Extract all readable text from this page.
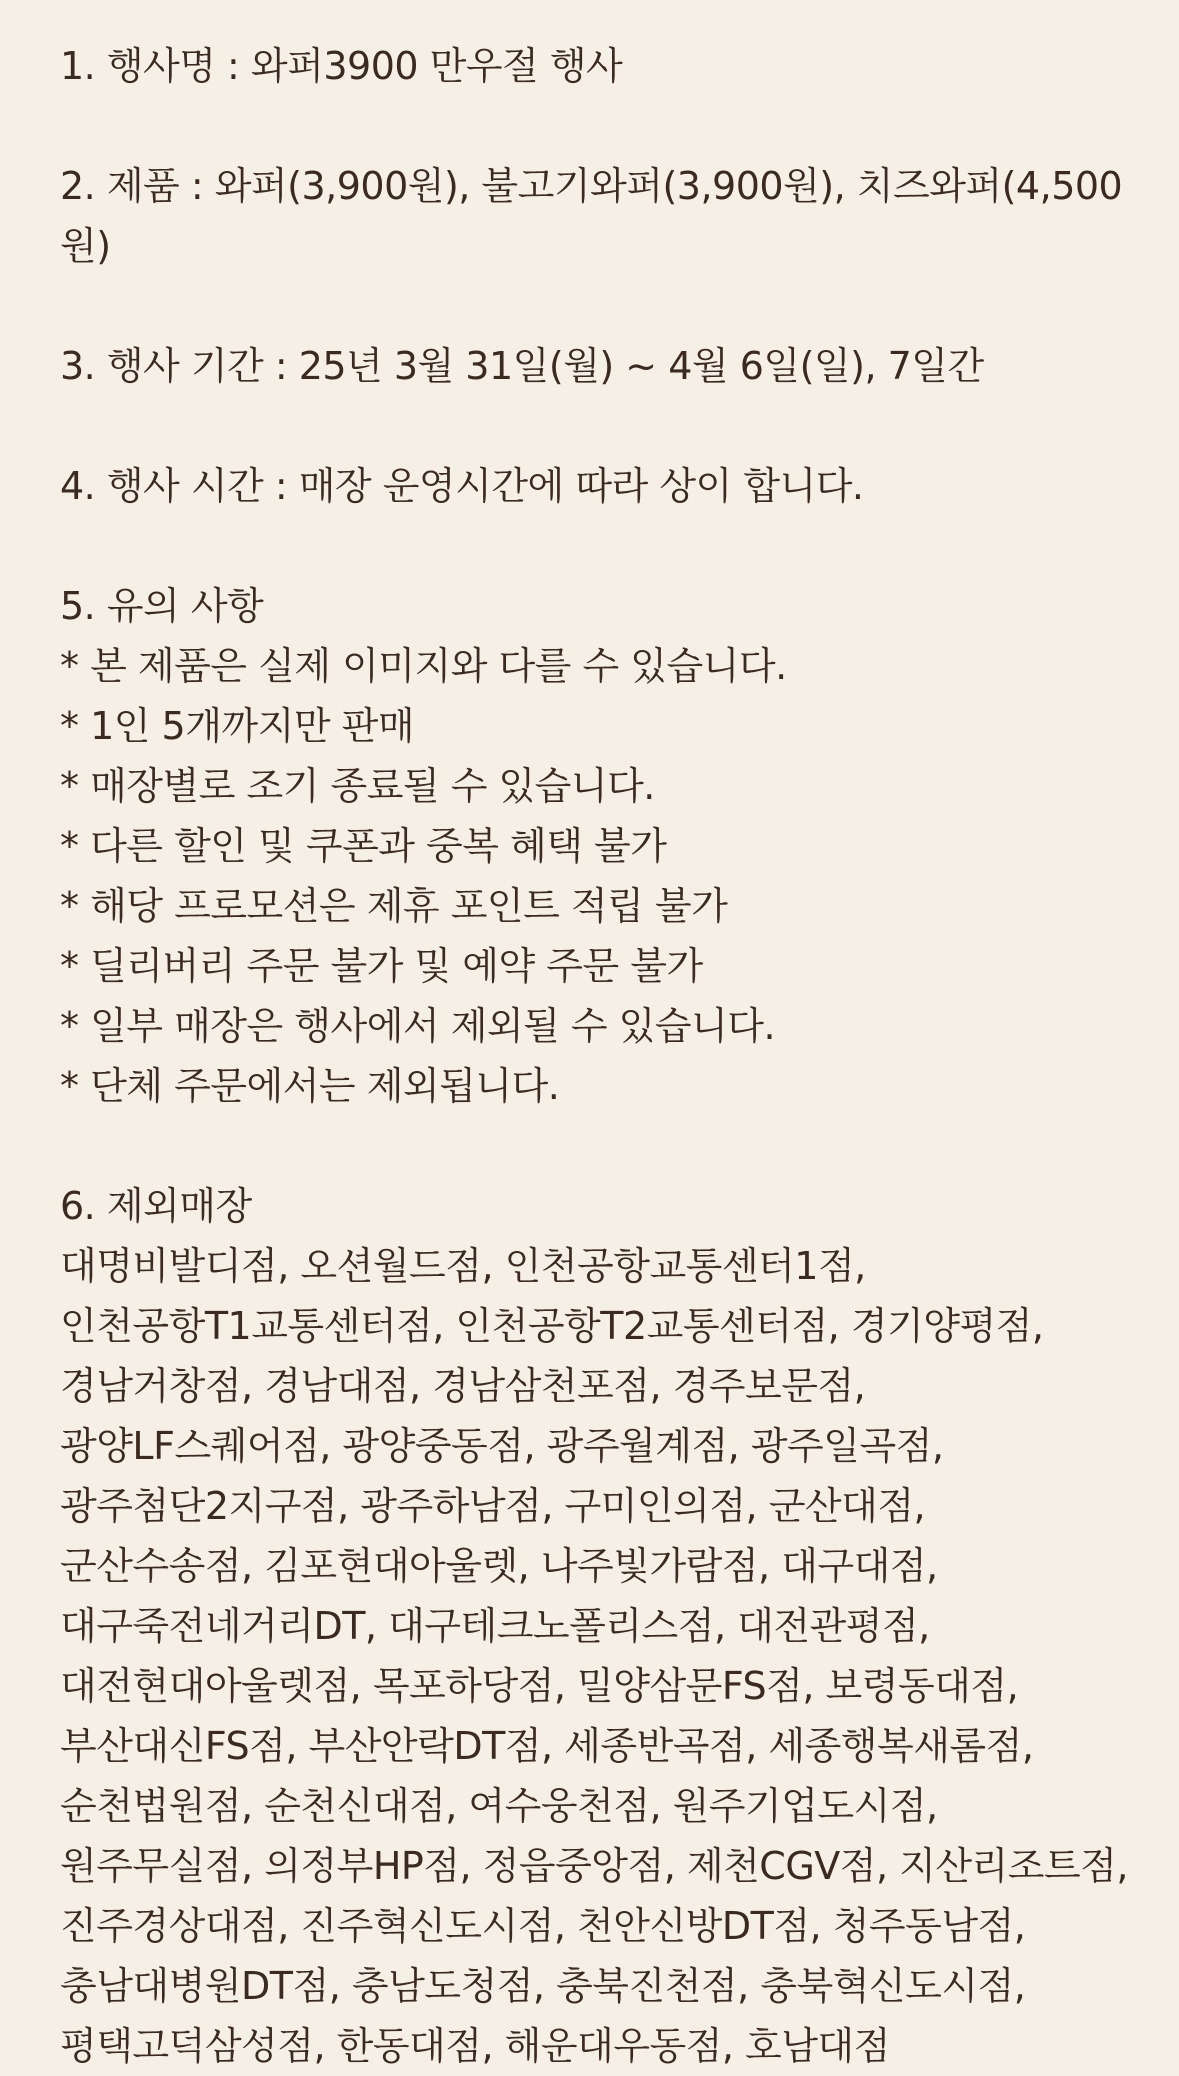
1. 행사명 : 와퍼3900 만우절 행사
2. 제품 : 와퍼(3,900원), 불고기와퍼(3,900원), 치즈와퍼(4,500원)
3. 행사 기간 : 25년 3월 31일(월) ~ 4월 6일(일), 7일간
4. 행사 시간 : 매장 운영시간에 따라 상이 합니다.
5. 유의 사항
* 본 제품은 실제 이미지와 다를 수 있습니다.
* 1인 5개까지만 판매
* 매장별로 조기 종료될 수 있습니다.
* 다른 할인 및 쿠폰과 중복 혜택 불가
* 해당 프로모션은 제휴 포인트 적립 불가
* 딜리버리 주문 불가 및 예약 주문 불가
* 일부 매장은 행사에서 제외될 수 있습니다.
* 단체 주문에서는 제외됩니다.
6. 제외매장
대명비발디점, 오션월드점, 인천공항교통센터1점, 인천공항T1교통센터점, 인천공항T2교통센터점, 경기양평점, 경남거창점, 경남대점, 경남삼천포점, 경주보문점, 광양LF스퀘어점, 광양중동점, 광주월계점, 광주일곡점, 광주첨단2지구점, 광주하남점, 구미인의점, 군산대점, 군산수송점, 김포현대아울렛, 나주빛가람점, 대구대점, 대구죽전네거리DT, 대구테크노폴리스점, 대전관평점, 대전현대아울렛점, 목포하당점, 밀양삼문FS점, 보령동대점, 부산대신FS점, 부산안락DT점, 세종반곡점, 세종행복새롬점, 순천법원점, 순천신대점, 여수웅천점, 원주기업도시점, 원주무실점, 의정부HP점, 정읍중앙점, 제천CGV점, 지산리조트점, 진주경상대점, 진주혁신도시점, 천안신방DT점, 청주동남점, 충남대병원DT점, 충남도청점, 충북진천점, 충북혁신도시점, 평택고덕삼성점, 한동대점, 해운대우동점, 호남대점
